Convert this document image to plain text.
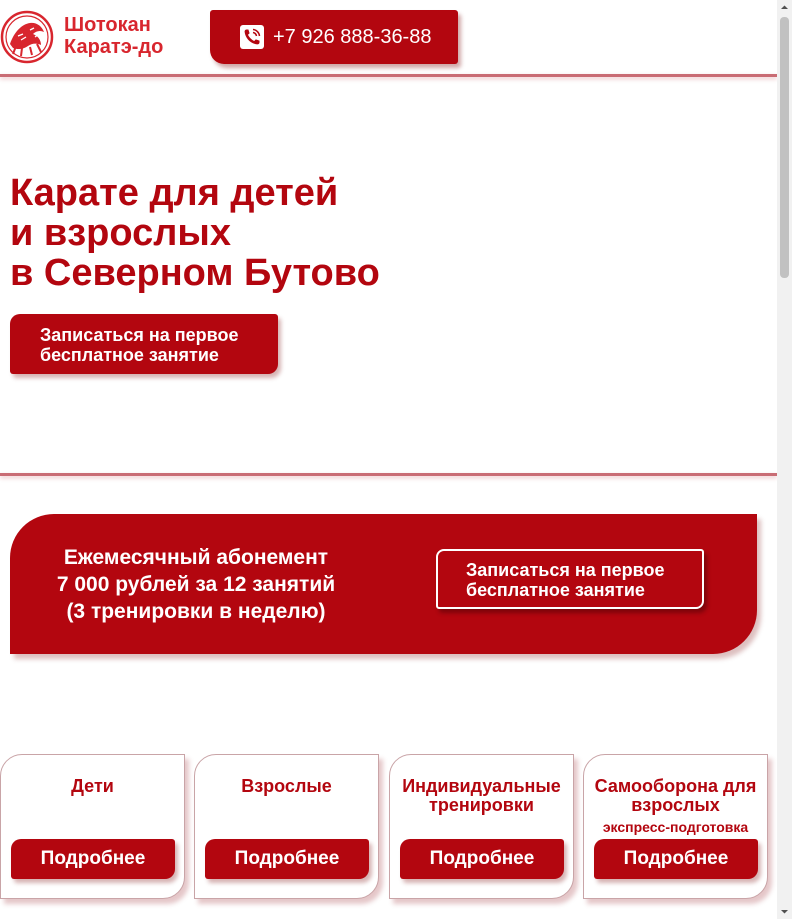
Шотокан
Каратэ-до	+7 926 888-36-88
Карате для детей
и взрослых
в Северном Бутово
Записаться на первое бесплатное занятие
Ежемесячный абонемент
7 000 рублей за 12 занятий
(3 тренировки в неделю)
Записаться на первое бесплатное занятие
Дети
Подробнее
Взрослые
Подробнее
Индивидуальные тренировки
Подробнее
Самооборона для взрослых
экспресс-подготовка
Подробнее
